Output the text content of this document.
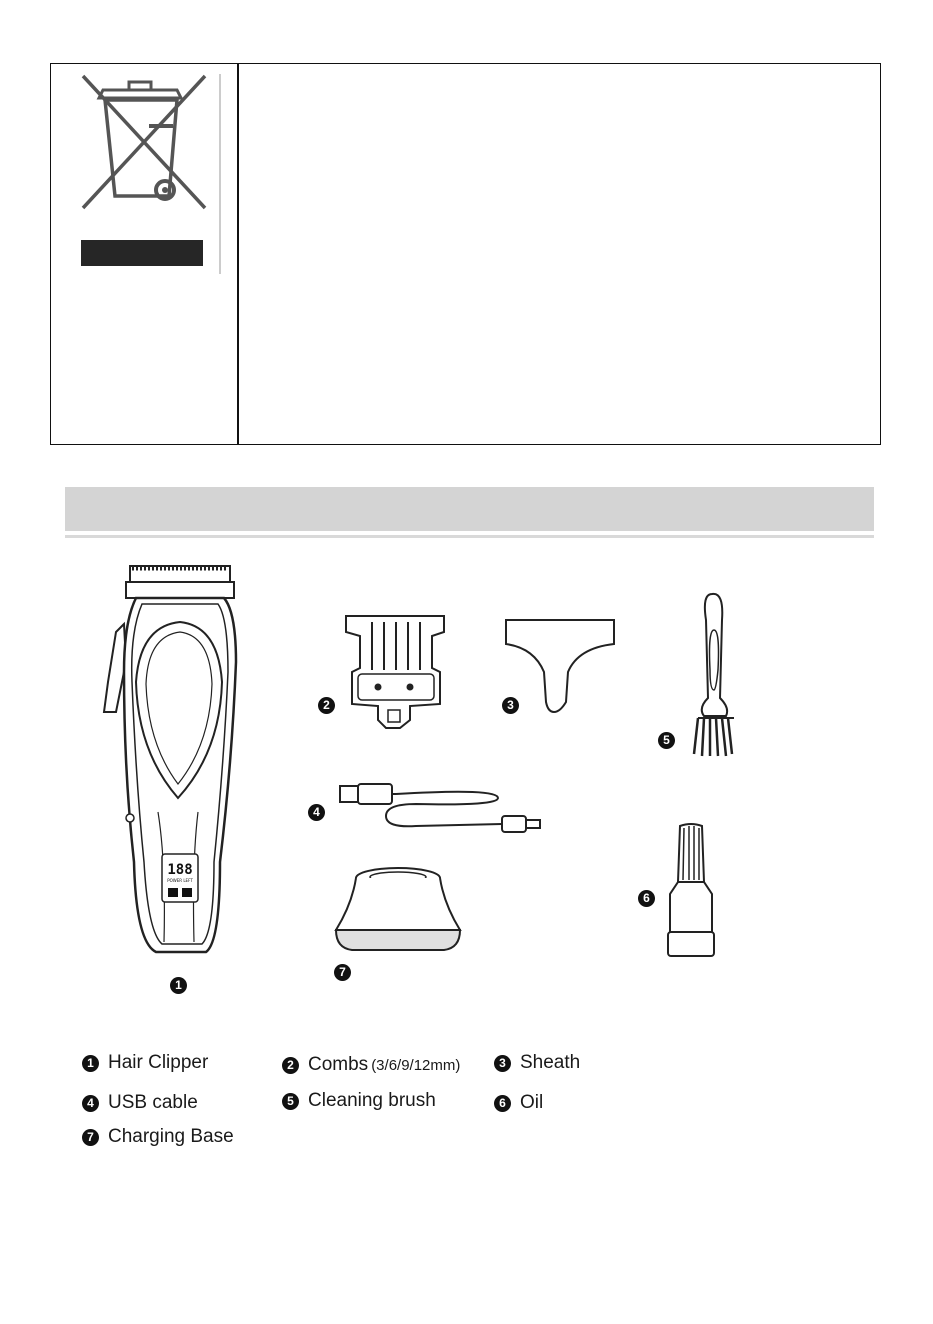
188
POWER LEFT
1
2	3
5
4
7
6
1 Hair Clipper	2 Combs (3/6/9/12mm)	3 Sheath
4 USB cable	5 Cleaning brush	6 Oil
7 Charging Base
